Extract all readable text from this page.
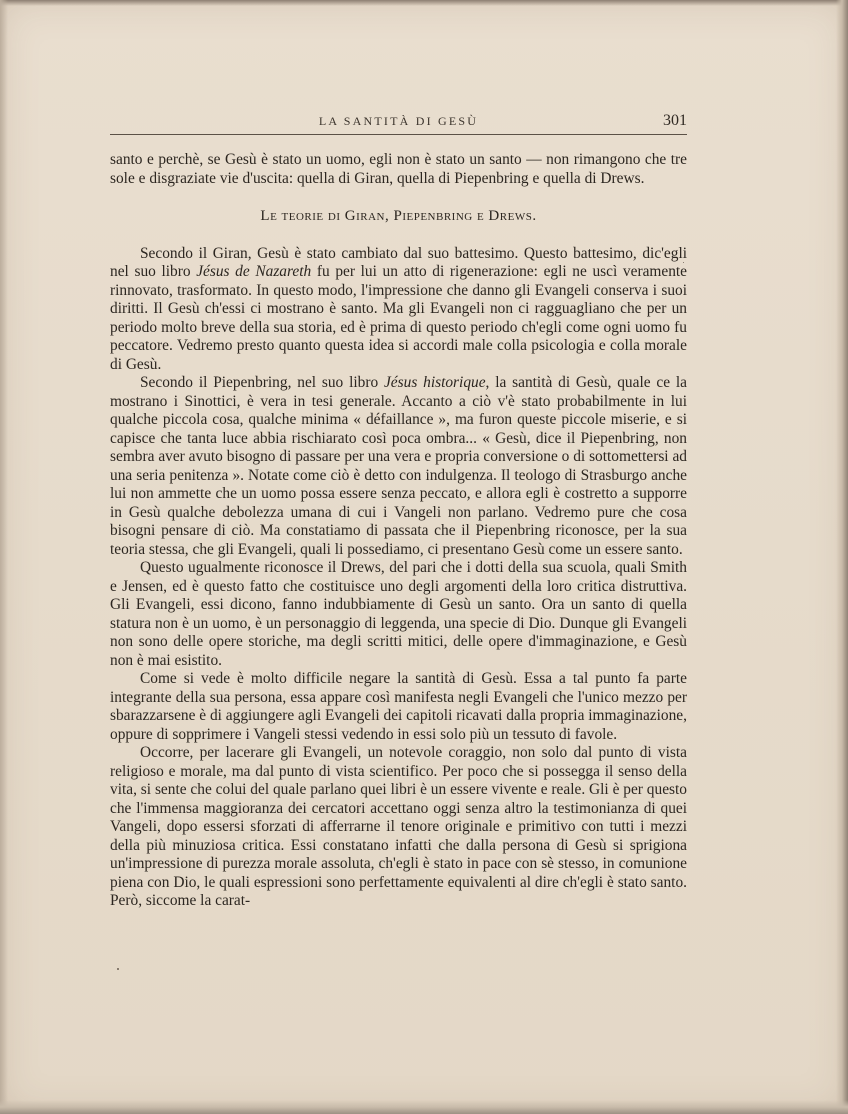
LA SANTITÀ DI GESÙ	301

santo e perchè, se Gesù è stato un uomo, egli non è stato un santo — non rimangono che tre sole e disgraziate vie d'uscita: quella di Giran, quella di Piepenbring e quella di Drews.

Le teorie di Giran, Piepenbring e Drews.

Secondo il Giran, Gesù è stato cambiato dal suo battesimo. Questo battesimo, dic'egli nel suo libro Jésus de Nazareth fu per lui un atto di rigenerazione: egli ne uscì veramente rinnovato, trasformato. In questo modo, l'impressione che danno gli Evangeli conserva i suoi diritti. Il Gesù ch'essi ci mostrano è santo. Ma gli Evangeli non ci ragguagliano che per un periodo molto breve della sua storia, ed è prima di questo periodo ch'egli come ogni uomo fu peccatore. Vedremo presto quanto questa idea si accordi male colla psicologia e colla morale di Gesù.

Secondo il Piepenbring, nel suo libro Jésus historique, la santità di Gesù, quale ce la mostrano i Sinottici, è vera in tesi generale. Accanto a ciò v'è stato probabilmente in lui qualche piccola cosa, qualche minima « défaillance », ma furon queste piccole miserie, e si capisce che tanta luce abbia rischiarato così poca ombra... « Gesù, dice il Piepenbring, non sembra aver avuto bisogno di passare per una vera e propria conversione o di sottomettersi ad una seria penitenza ». Notate come ciò è detto con indulgenza. Il teologo di Strasburgo anche lui non ammette che un uomo possa essere senza peccato, e allora egli è costretto a supporre in Gesù qualche debolezza umana di cui i Vangeli non parlano. Vedremo pure che cosa bisogni pensare di ciò. Ma constatiamo di passata che il Piepenbring riconosce, per la sua teoria stessa, che gli Evangeli, quali li possediamo, ci presentano Gesù come un essere santo.

Questo ugualmente riconosce il Drews, del pari che i dotti della sua scuola, quali Smith e Jensen, ed è questo fatto che costituisce uno degli argomenti della loro critica distruttiva. Gli Evangeli, essi dicono, fanno indubbiamente di Gesù un santo. Ora un santo di quella statura non è un uomo, è un personaggio di leggenda, una specie di Dio. Dunque gli Evangeli non sono delle opere storiche, ma degli scritti mitici, delle opere d'immaginazione, e Gesù non è mai esistito.

Come si vede è molto difficile negare la santità di Gesù. Essa a tal punto fa parte integrante della sua persona, essa appare così manifesta negli Evangeli che l'unico mezzo per sbarazzarsene è di aggiungere agli Evangeli dei capitoli ricavati dalla propria immaginazione, oppure di sopprimere i Vangeli stessi vedendo in essi solo più un tessuto di favole.

Occorre, per lacerare gli Evangeli, un notevole coraggio, non solo dal punto di vista religioso e morale, ma dal punto di vista scientifico. Per poco che si possegga il senso della vita, si sente che colui del quale parlano quei libri è un essere vivente e reale. Gli è per questo che l'immensa maggioranza dei cercatori accettano oggi senza altro la testimonianza di quei Vangeli, dopo essersi sforzati di afferrarne il tenore originale e primitivo con tutti i mezzi della più minuziosa critica. Essi constatano infatti che dalla persona di Gesù si sprigiona un'impressione di purezza morale assoluta, ch'egli è stato in pace con sè stesso, in comunione piena con Dio, le quali espressioni sono perfettamente equivalenti al dire ch'egli è stato santo. Però, siccome la carat-
